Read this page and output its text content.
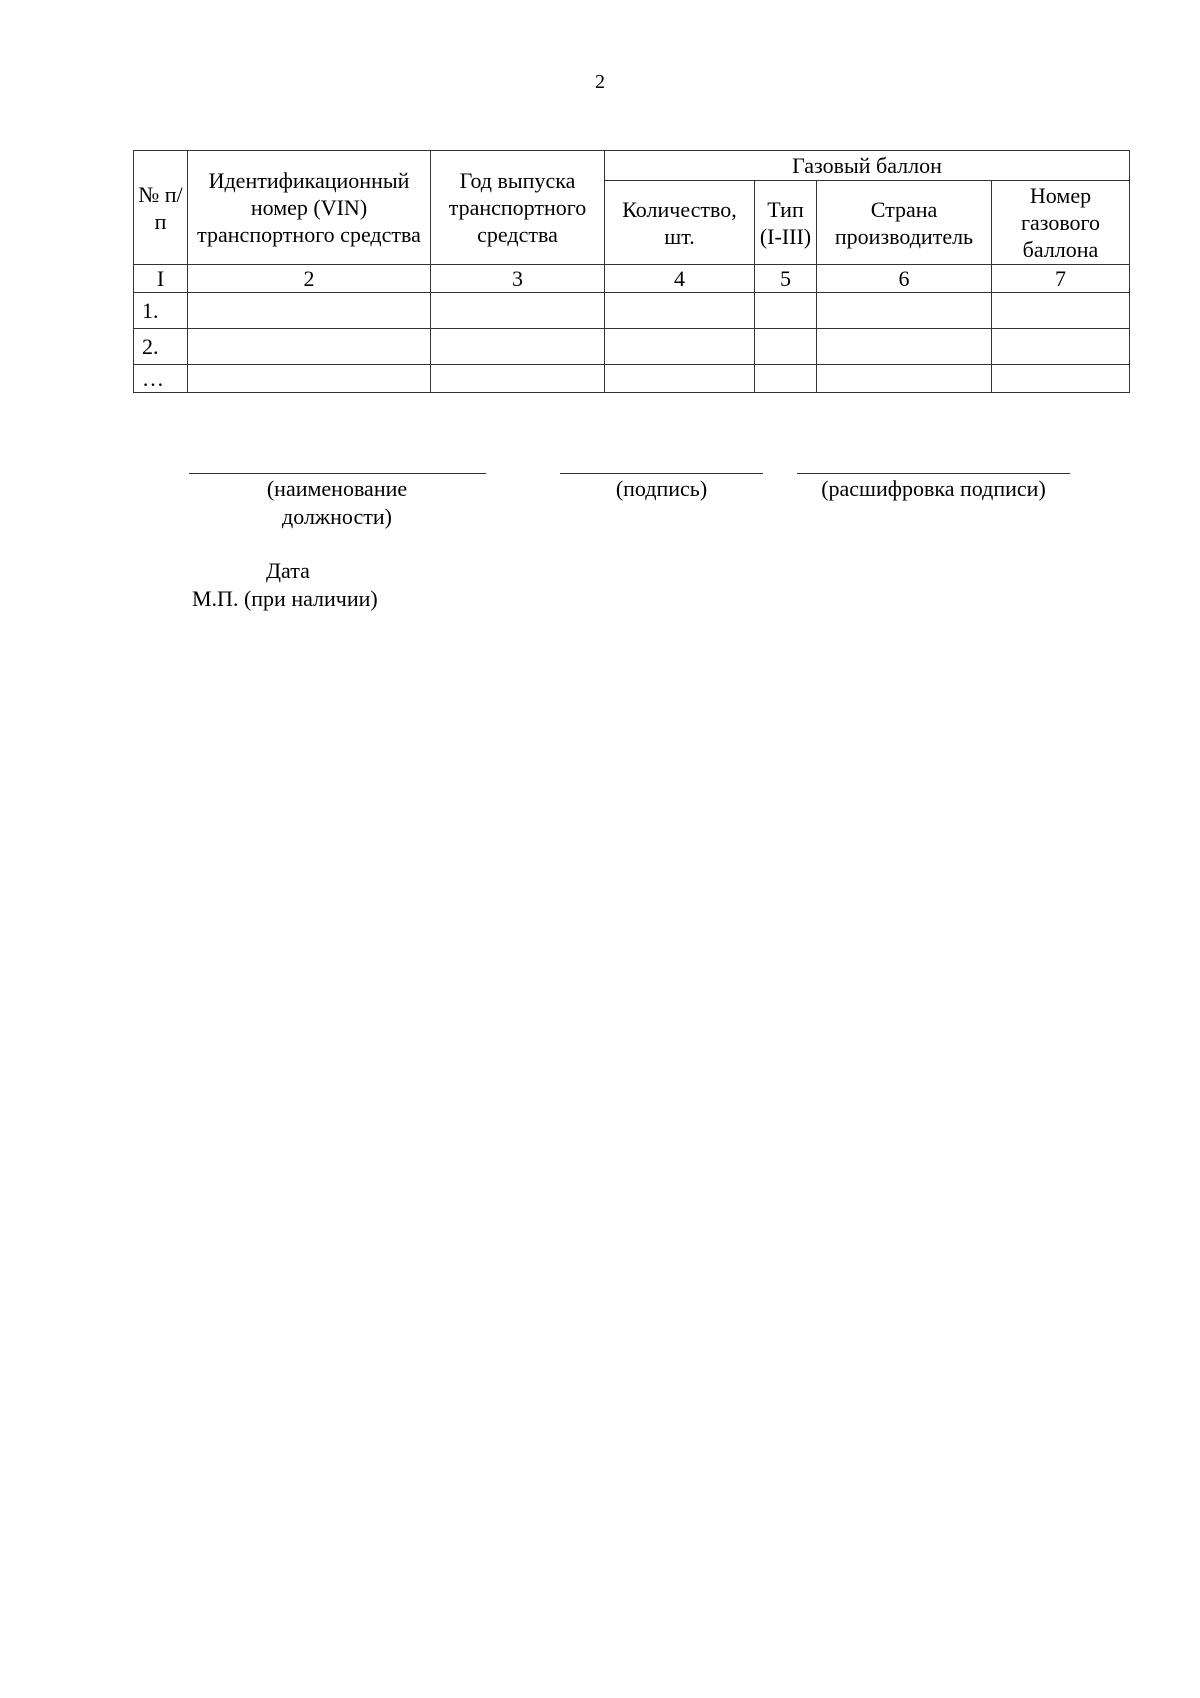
2
№ п/п	Идентификационный номер (VIN) транспортного средства	Год выпуска транспортного средства	Газовый баллон			
			Количество, шт.	Тип (I-III)	Страна производитель	Номер газового баллона
I	2	3	4	5	6	7
1.						
2.						
…						
(наименование должности)
(подпись)	(расшифровка подписи)
Дата
М.П. (при наличии)
